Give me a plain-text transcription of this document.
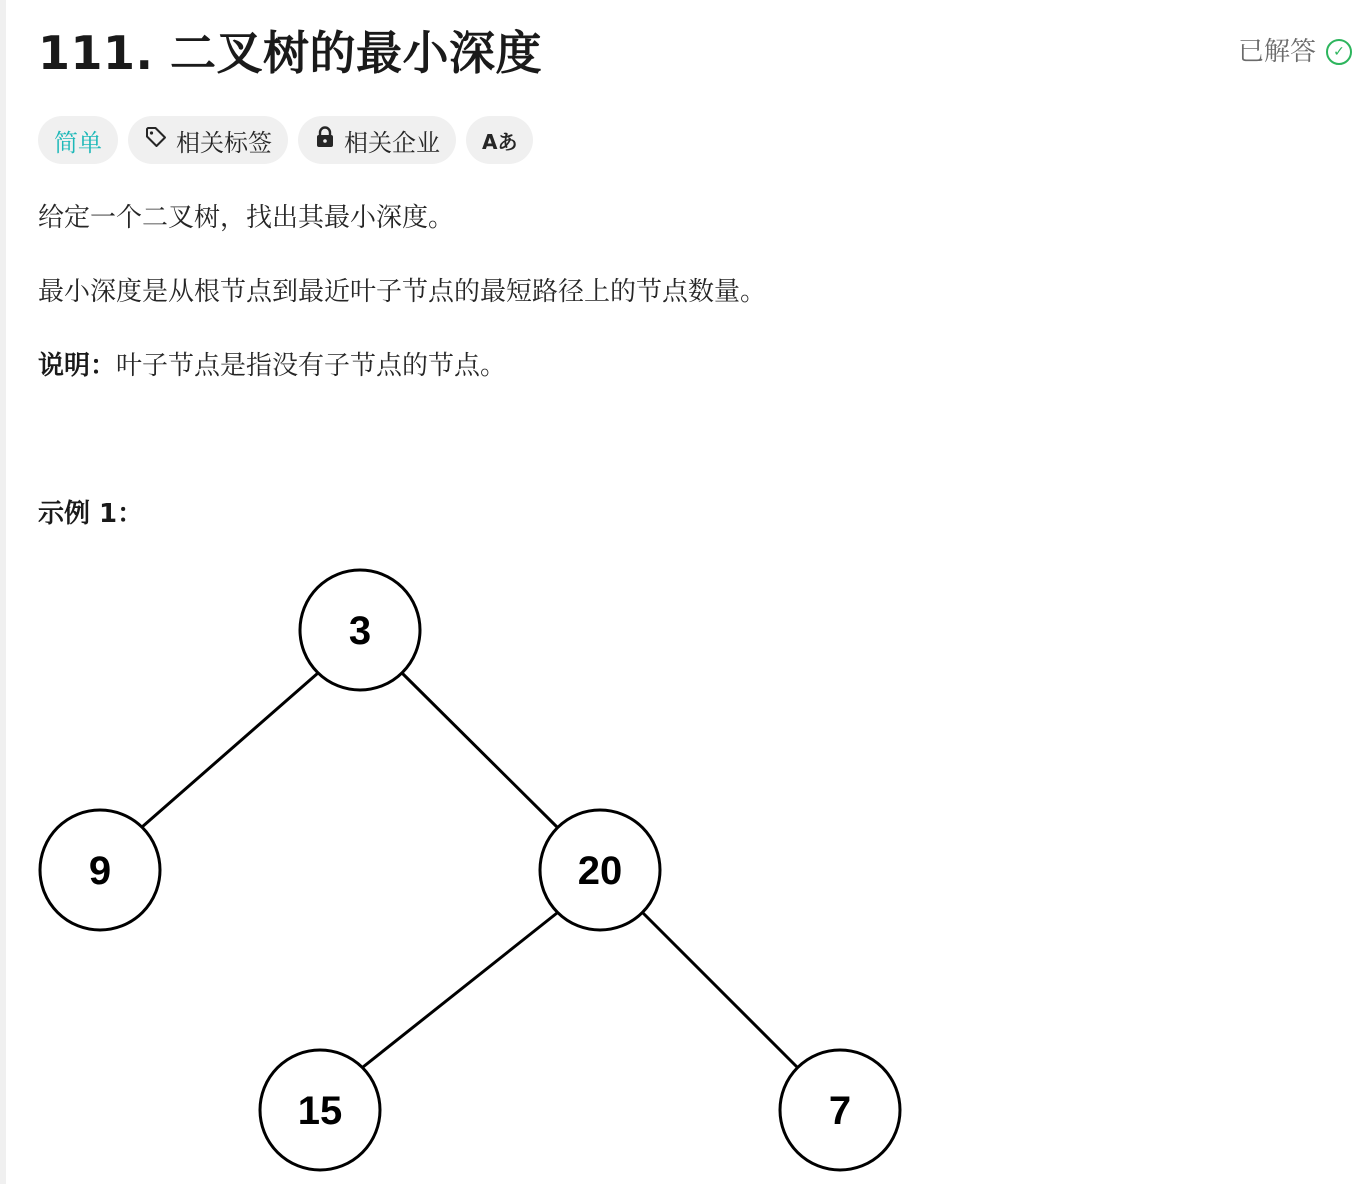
111. 二叉树的最小深度	已解答	✓
简单	相关标签	相关企业 Aあ

给定一个二叉树，找出其最小深度。

最小深度是从根节点到最近叶子节点的最短路径上的节点数量。

说明：叶子节点是指没有子节点的节点。

示例 1：

3
9	20
15	7
